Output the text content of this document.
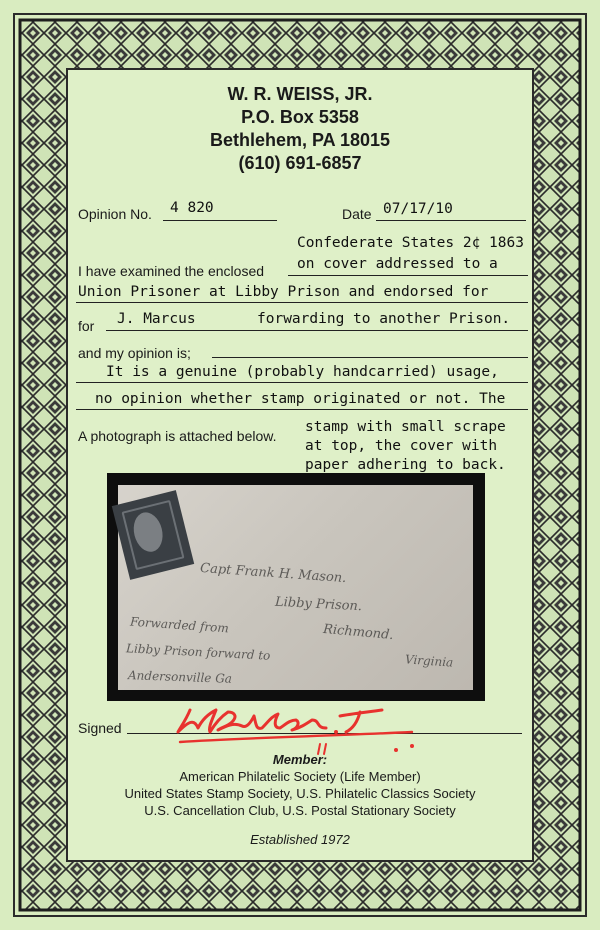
W. R. WEISS, JR.
P.O. Box 5358
Bethlehem, PA 18015
(610) 691-6857
Opinion No. 4 820	Date 07/17/10
Confederate States 2¢ 1863
I have examined the enclosed on cover addressed to a
Union Prisoner at Libby Prison and endorsed for
for J. Marcus	forwarding to another Prison.
and my opinion is;
It is a genuine (probably handcarried) usage,
no opinion whether stamp originated or not. The
A photograph is attached below.
stamp with small scrape
at top, the cover with
paper adhering to back.
Capt Frank H. Mason.
Libby Prison.
Richmond.
Forwarded from
Libby Prison forward to	Virginia
Andersonville Ga
Signed
Member:
American Philatelic Society (Life Member)
United States Stamp Society, U.S. Philatelic Classics Society
U.S. Cancellation Club, U.S. Postal Stationary Society
Established 1972
